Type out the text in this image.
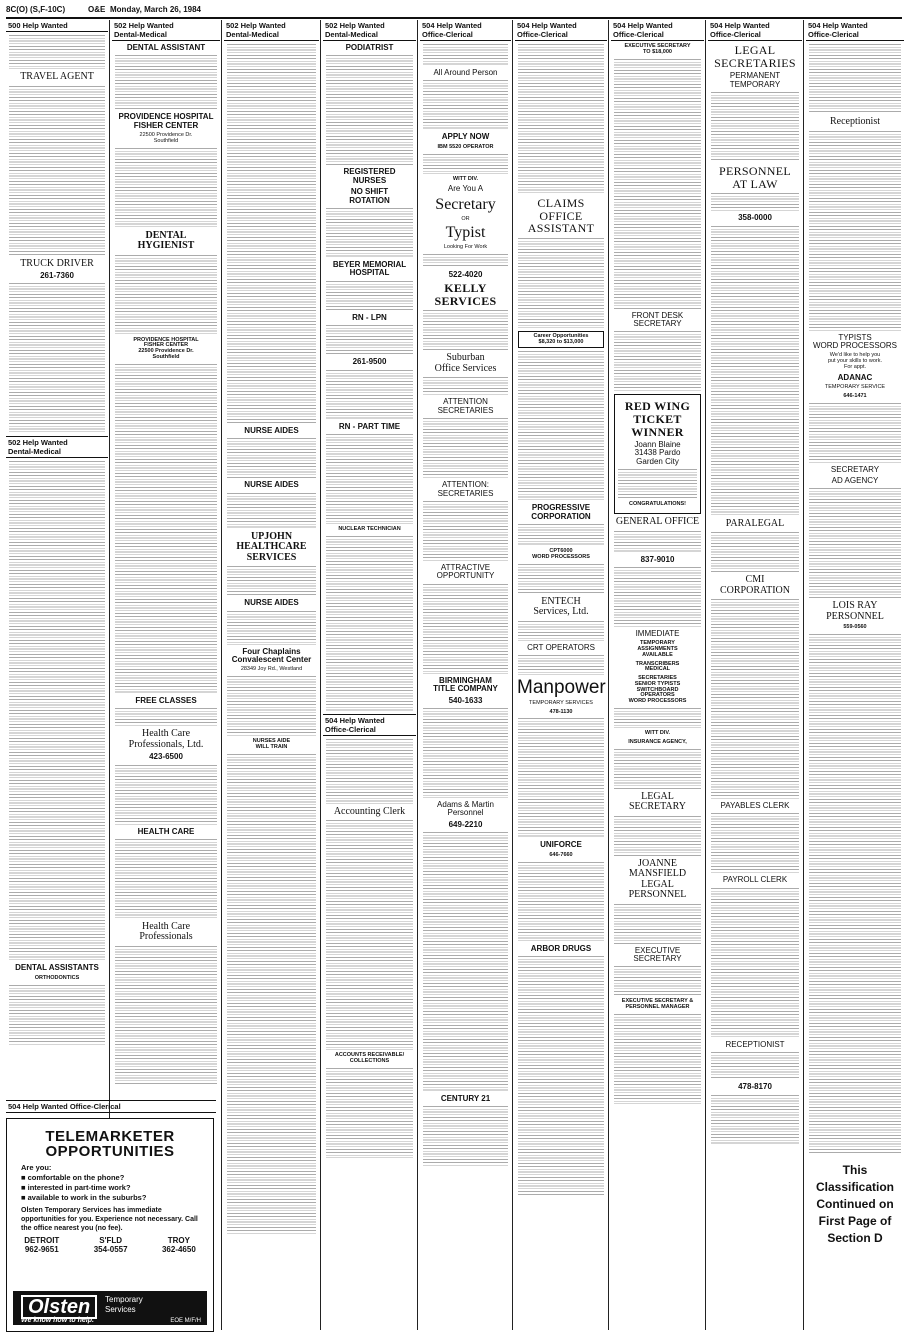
8C(O) (S,F-10C)	O&E Monday, March 26, 1984
500 Help Wanted
TRAVEL AGENT
TRUCK DRIVER
261-7360
502 Help Wanted
Dental-Medical
DENTAL ASSISTANTS
ORTHODONTICS
504 Help Wanted Office-Clerical
502 Help Wanted
Dental-Medical
DENTAL ASSISTANT
PROVIDENCE HOSPITAL
FISHER CENTER
22500 Providence Dr.
Southfield
DENTAL
HYGIENIST
PROVIDENCE HOSPITAL
FISHER CENTER
22500 Providence Dr.
Southfield
FREE CLASSES
Health Care
Professionals, Ltd.
423-6500
HEALTH CARE
Health Care
Professionals
TELEMARKETER
OPPORTUNITIES
Are you:
■ comfortable on the phone?
■ interested in part-time work?
■ available to work in the suburbs?
Olsten Temporary Services has immediate opportunities for you. Experience not necessary. Call the office nearest you (no fee).
DETROIT
962-9651
S'FLD
354-0557
TROY
362-4650
Olsten	Temporary
Services
We know how to help.	EOE M/F/H
502 Help Wanted
Dental-Medical
NURSE AIDES
NURSE AIDES
UPJOHN
HEALTHCARE
SERVICES
NURSE AIDES
Four Chaplains
Convalescent Center
28349 Joy Rd., Westland
NURSES AIDE
WILL TRAIN
502 Help Wanted
Dental-Medical
PODIATRIST
REGISTERED
NURSES
NO SHIFT
ROTATION
BEYER MEMORIAL
HOSPITAL
RN - LPN
261-9500
RN - PART TIME
NUCLEAR TECHNICIAN
504 Help Wanted
Office-Clerical
Accounting Clerk
ACCOUNTS RECEIVABLE/
COLLECTIONS
504 Help Wanted
Office-Clerical
All Around Person
APPLY NOW
IBM 5520 OPERATOR
WITT DIV.
Are You A
Secretary
OR
Typist
Looking For Work
522-4020
KELLY
SERVICES
Suburban
Office Services
ATTENTION
SECRETARIES
ATTENTION:
SECRETARIES
ATTRACTIVE
OPPORTUNITY
BIRMINGHAM
TITLE COMPANY
540-1633
Adams & Martin
Personnel
649-2210
CENTURY 21
504 Help Wanted
Office-Clerical
CLAIMS
OFFICE
ASSISTANT
Career Opportunities
$8,320 to $13,000
PROGRESSIVE
CORPORATION
CPT6000
WORD PROCESSORS
ENTECH
Services, Ltd.
CRT OPERATORS
Manpower
TEMPORARY SERVICES
478-1130
UNIFORCE
646-7660
ARBOR DRUGS
504 Help Wanted
Office-Clerical
EXECUTIVE SECRETARY
TO $18,000
FRONT DESK
SECRETARY
RED WING
TICKET
WINNER
Joann Blaine
31438 Pardo
Garden City
CONGRATULATIONS!
GENERAL OFFICE
837-9010
IMMEDIATE
TEMPORARY
ASSIGNMENTS
AVAILABLE
TRANSCRIBERS
MEDICAL
SECRETARIES
SENIOR TYPISTS
SWITCHBOARD
OPERATORS
WORD PROCESSORS
WITT DIV.
INSURANCE AGENCY,
LEGAL
SECRETARY
JOANNE
MANSFIELD
LEGAL
PERSONNEL
EXECUTIVE
SECRETARY
EXECUTIVE SECRETARY &
PERSONNEL MANAGER
504 Help Wanted
Office-Clerical
LEGAL
SECRETARIES
PERMANENT
TEMPORARY
PERSONNEL
AT LAW
358-0000
PARALEGAL
CMI
CORPORATION
PAYABLES CLERK
PAYROLL CLERK
RECEPTIONIST
478-8170
504 Help Wanted
Office-Clerical
Receptionist
TYPISTS
WORD PROCESSORS
We'd like to help you
put your skills to work.
For appt.
ADANAC
TEMPORARY SERVICE
646-1471
SECRETARY
AD AGENCY
LOIS RAY
PERSONNEL
559-0560
This
Classification
Continued on
First Page of
Section D
